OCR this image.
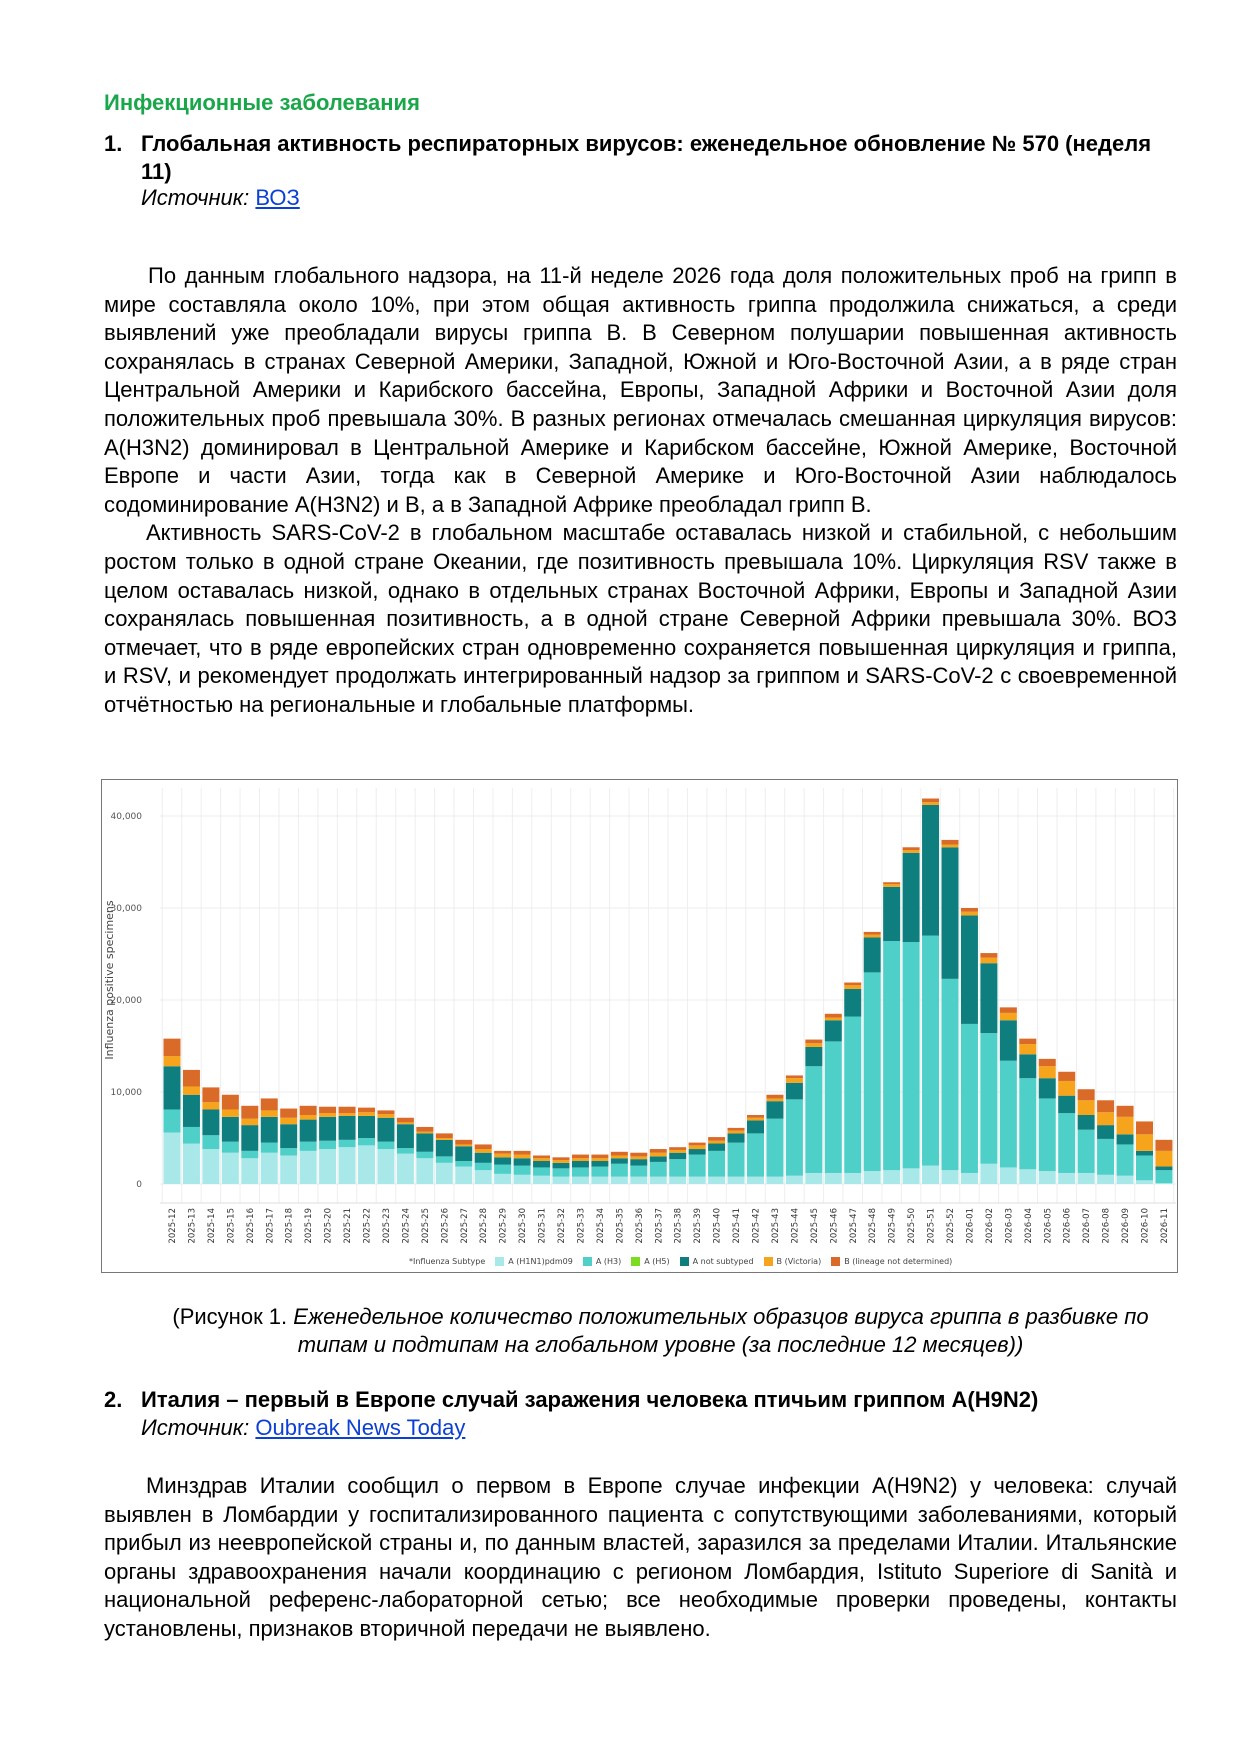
Инфекционные заболевания
1. Глобальная активность респираторных вирусов: еженедельное обновление № 570 (неделя 11)
Источник: ВОЗ

По данным глобального надзора, на 11-й неделе 2026 года доля положительных проб на грипп в мире составляла около 10%, при этом общая активность гриппа продолжила снижаться, а среди выявлений уже преобладали вирусы гриппа В. В Северном полушарии повышенная активность сохранялась в странах Северной Америки, Западной, Южной и Юго-Восточной Азии, а в ряде стран Центральной Америки и Карибского бассейна, Европы, Западной Африки и Восточной Азии доля положительных проб превышала 30%. В разных регионах отмечалась смешанная циркуляция вирусов: A(H3N2) доминировал в Центральной Америке и Карибском бассейне, Южной Америке, Восточной Европе и части Азии, тогда как в Северной Америке и Юго-Восточной Азии наблюдалось содоминирование A(H3N2) и В, а в Западной Африке преобладал грипп В.

Активность SARS-CoV-2 в глобальном масштабе оставалась низкой и стабильной, с небольшим ростом только в одной стране Океании, где позитивность превышала 10%. Циркуляция RSV также в целом оставалась низкой, однако в отдельных странах Восточной Африки, Европы и Западной Азии сохранялась повышенная позитивность, а в одной стране Северной Африки превышала 30%. ВОЗ отмечает, что в ряде европейских стран одновременно сохраняется повышенная циркуляция и гриппа, и RSV, и рекомендует продолжать интегрированный надзор за гриппом и SARS-CoV-2 с своевременной отчётностью на региональные и глобальные платформы.

0
10,000
20,000
30,000
40,000
Influenza positive specimens
2025-12 2025-13 2025-14 2025-15 2025-16 2025-17 2025-18 2025-19 2025-20 2025-21 2025-22 2025-23 2025-24 2025-25 2025-26 2025-27 2025-28 2025-29 2025-30 2025-31 2025-32 2025-33 2025-34 2025-35 2025-36 2025-37 2025-38 2025-39 2025-40 2025-41 2025-42 2025-43 2025-44 2025-45 2025-46 2025-47 2025-48 2025-49 2025-50 2025-51 2025-52 2026-01 2026-02 2026-03 2026-04 2026-05 2026-06 2026-07 2026-08 2026-09 2026-10 2026-11
*Influenza Subtype	A (H1N1)pdm09	A (H3)	A (H5)	A not subtyped	B (Victoria)	B (lineage not determined)
(Рисунок 1. Еженедельное количество положительных образцов вируса гриппа в разбивке по типам и подтипам на глобальном уровне (за последние 12 месяцев))
2. Италия – первый в Европе случай заражения человека птичьим гриппом A(H9N2)
Источник: Oubreak News Today

Минздрав Италии сообщил о первом в Европе случае инфекции A(H9N2) у человека: случай выявлен в Ломбардии у госпитализированного пациента с сопутствующими заболеваниями, который прибыл из неевропейской страны и, по данным властей, заразился за пределами Италии. Итальянские органы здравоохранения начали координацию с регионом Ломбардия, Istituto Superiore di Sanità и национальной референс-лабораторной сетью; все необходимые проверки проведены, контакты установлены, признаков вторичной передачи не выявлено.
